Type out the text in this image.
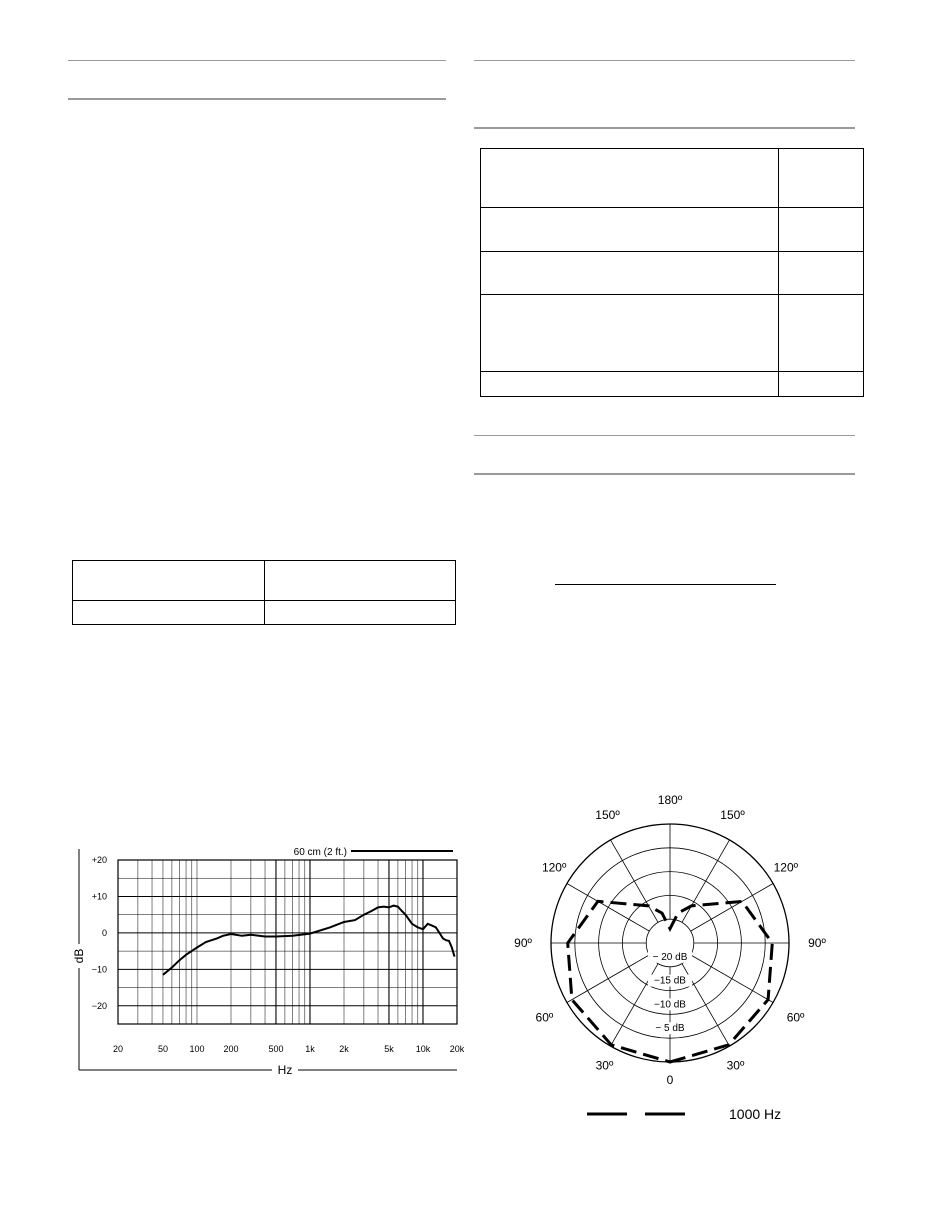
+20
+10
0
−10
−20
20	50 100 200	500 1k	2k	5k 10k 20k
dB
Hz
60 cm (2 ft.)
180º
150º
150º
120º
120º
90º
90º
60º
60º
30º
30º
0
− 20 dB
−15 dB
−10 dB
− 5 dB
1000 Hz
